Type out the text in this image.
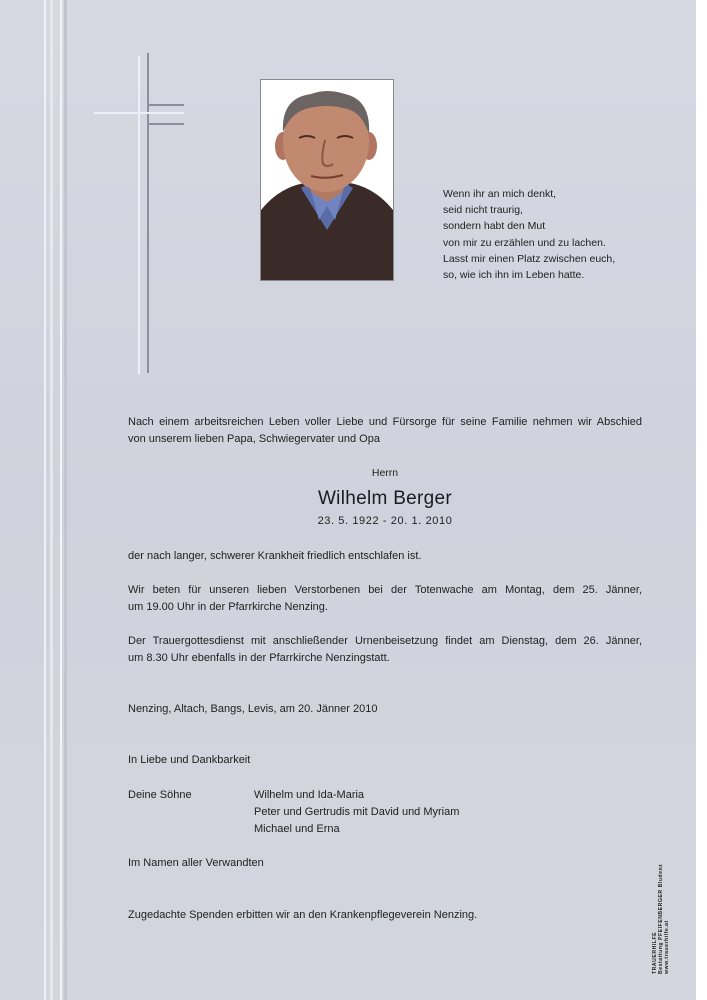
Wenn ihr an mich denkt,
seid nicht traurig,
sondern habt den Mut
von mir zu erzählen und zu lachen.
Lasst mir einen Platz zwischen euch,
so, wie ich ihn im Leben hatte.
Nach einem arbeitsreichen Leben voller Liebe und Fürsorge für seine Familie nehmen wir Abschied
von unserem lieben Papa, Schwiegervater und Opa
Herrn
Wilhelm Berger
23. 5. 1922 - 20. 1. 2010
der nach langer, schwerer Krankheit friedlich entschlafen ist.
Wir beten für unseren lieben Verstorbenen bei der Totenwache am Montag, dem 25. Jänner,
um 19.00 Uhr in der Pfarrkirche Nenzing.
Der Trauergottesdienst mit anschließender Urnenbeisetzung findet am Dienstag, dem 26. Jänner,
um 8.30 Uhr ebenfalls in der Pfarrkirche Nenzingstatt.
Nenzing, Altach, Bangs, Levis, am 20. Jänner 2010
In Liebe und Dankbarkeit
Deine Söhne	Wilhelm und Ida-Maria
Peter und Gertrudis mit David und Myriam
Michael und Erna
Im Namen aller Verwandten
Zugedachte Spenden erbitten wir an den Krankenpflegeverein Nenzing.
TRAUERHILFE Bestattung PFEIFENBERGER Bludenz www.trauerhilfe.at
